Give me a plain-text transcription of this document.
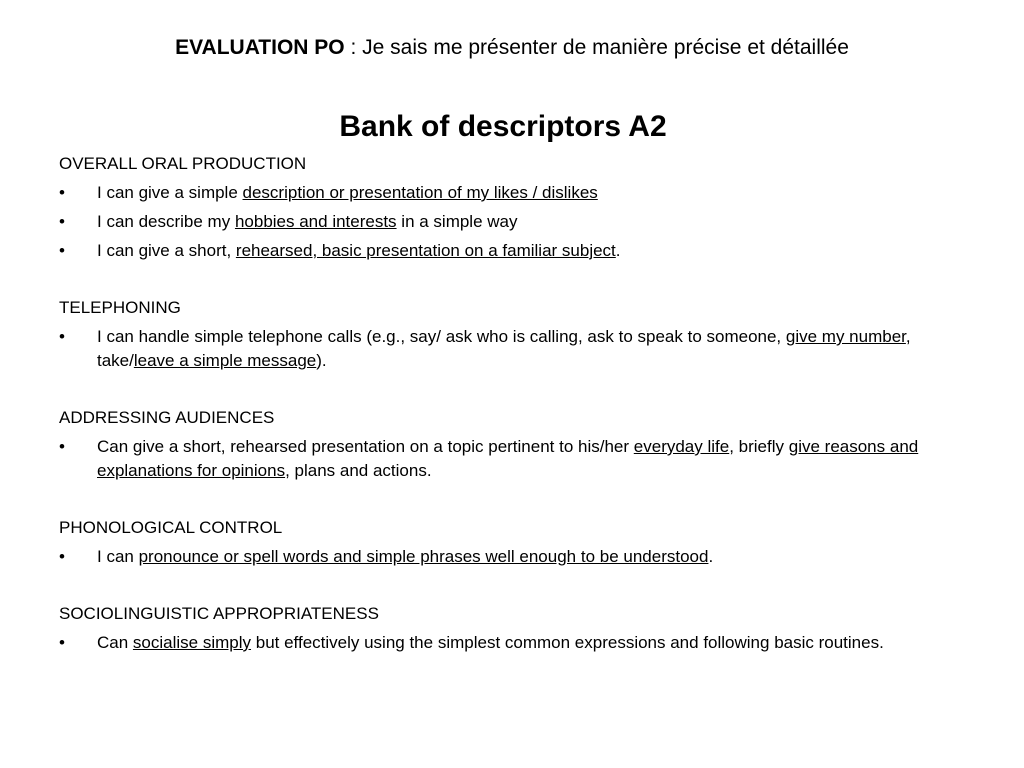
EVALUATION PO : Je sais me présenter de manière précise et détaillée
Bank of descriptors A2
OVERALL ORAL PRODUCTION
•	I can give a simple description or presentation of my likes / dislikes
•	I can describe my hobbies and interests in a simple way
•	I can give a short, rehearsed, basic presentation on a familiar subject.
TELEPHONING
•	I can handle simple telephone calls (e.g., say/ ask who is calling, ask to speak to someone, give my number, take/leave a simple message).
ADDRESSING AUDIENCES
•	Can give a short, rehearsed presentation on a topic pertinent to his/her everyday life, briefly give reasons and explanations for opinions, plans and actions.
PHONOLOGICAL CONTROL
•	I can pronounce or spell words and simple phrases well enough to be understood.
SOCIOLINGUISTIC APPROPRIATENESS
•	Can socialise simply but effectively using the simplest common expressions and following basic routines.
